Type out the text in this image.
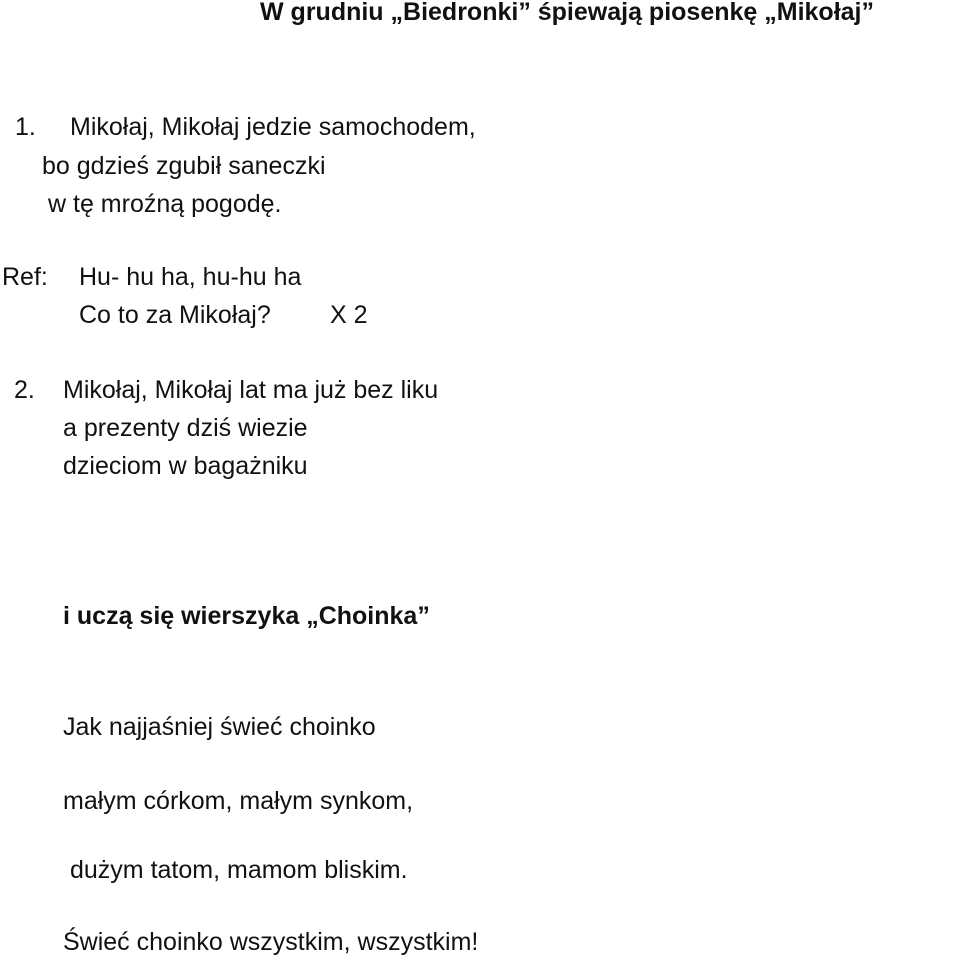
W grudniu „Biedronki” śpiewają piosenkę „Mikołaj”
1. Mikołaj, Mikołaj jedzie samochodem,
bo gdzieś zgubił saneczki
w tę mroźną pogodę.
Ref: Hu- hu ha, hu-hu ha
Co to za Mikołaj? X 2
2. Mikołaj, Mikołaj lat ma już bez liku
a prezenty dziś wiezie
dzieciom w bagażniku
i uczą się wierszyka „Choinka”
Jak najjaśniej świeć choinko
małym córkom, małym synkom,
dużym tatom, mamom bliskim.
Świeć choinko wszystkim, wszystkim!
